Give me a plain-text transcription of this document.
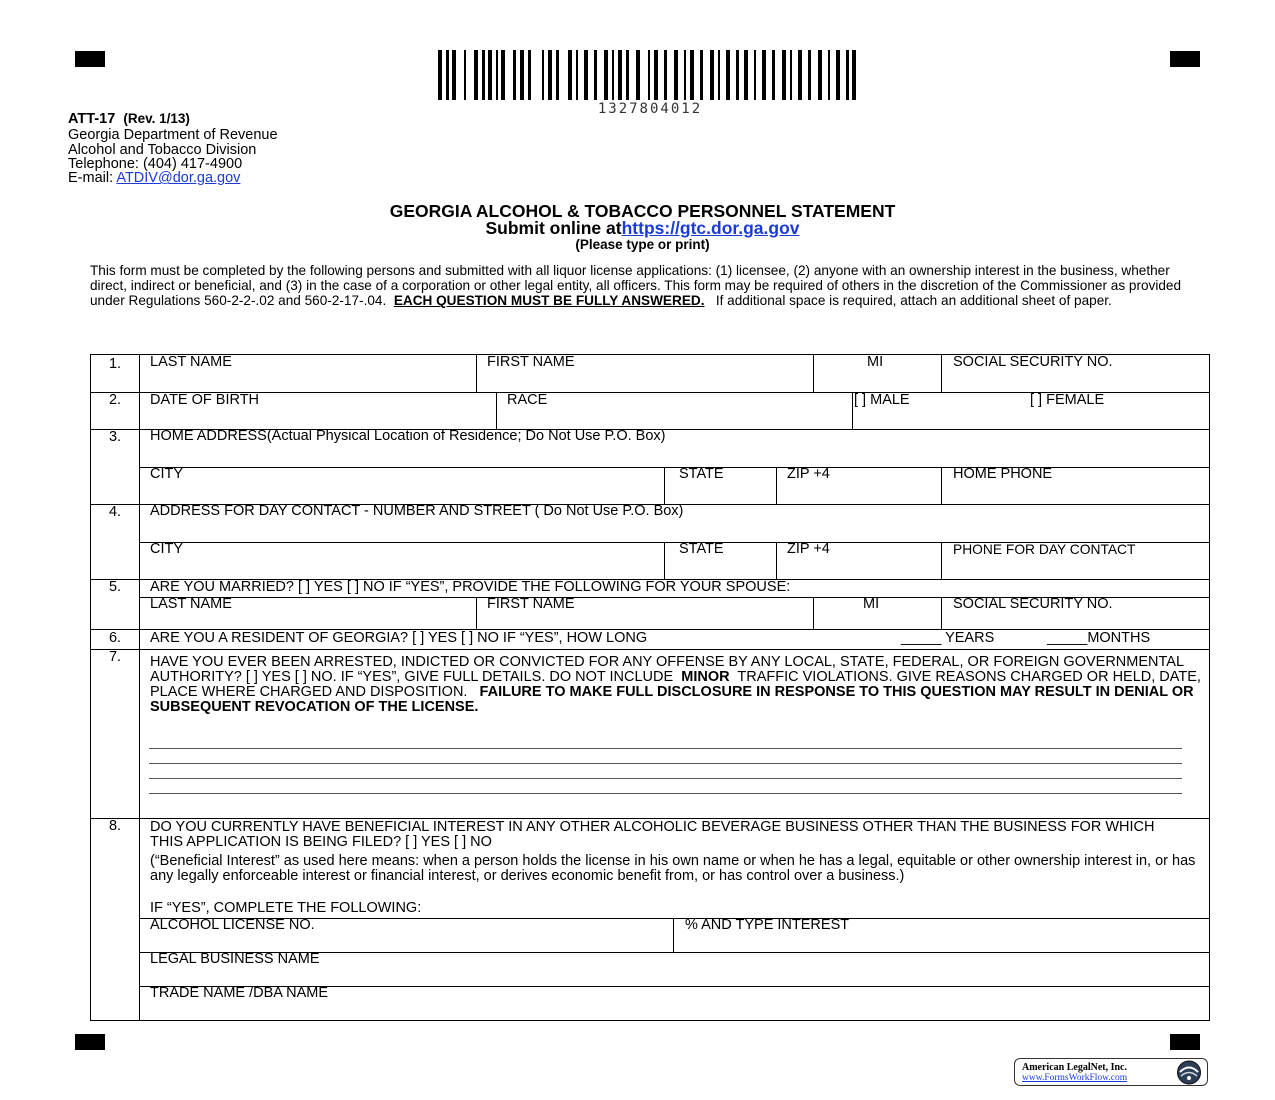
1327804012
ATT-17 (Rev. 1/13)
Georgia Department of Revenue
Alcohol and Tobacco Division
Telephone: (404) 417-4900
E-mail: ATDIV@dor.ga.gov
GEORGIA ALCOHOL & TOBACCO PERSONNEL STATEMENT
Submit online athttps://gtc.dor.ga.gov
(Please type or print)
This form must be completed by the following persons and submitted with all liquor license applications: (1) licensee, (2) anyone with an ownership interest in the business, whether direct, indirect or beneficial, and (3) in the case of a corporation or other legal entity, all officers. This form may be required of others in the discretion of the Commissioner as provided under Regulations 560-2-2-.02 and 560-2-17-.04. EACH QUESTION MUST BE FULLY ANSWERED. If additional space is required, attach an additional sheet of paper.
1.	LAST NAME	FIRST NAME	MI	SOCIAL SECURITY NO.
2.	DATE OF BIRTH	RACE	[ ] MALE	[ ] FEMALE
3.	HOME ADDRESS(Actual Physical Location of Residence; Do Not Use P.O. Box)
CITY	STATE	ZIP +4	HOME PHONE
4.	ADDRESS FOR DAY CONTACT - NUMBER AND STREET ( Do Not Use P.O. Box)
CITY	STATE	ZIP +4	PHONE FOR DAY CONTACT
5.	ARE YOU MARRIED? [ ] YES [ ] NO IF “YES”, PROVIDE THE FOLLOWING FOR YOUR SPOUSE:
LAST NAME	FIRST NAME	MI	SOCIAL SECURITY NO.
6.	ARE YOU A RESIDENT OF GEORGIA? [ ] YES [ ] NO IF “YES”, HOW LONG	_____ YEARS	_____MONTHS
7.	HAVE YOU EVER BEEN ARRESTED, INDICTED OR CONVICTED FOR ANY OFFENSE BY ANY LOCAL, STATE, FEDERAL, OR FOREIGN GOVERNMENTAL AUTHORITY? [ ] YES [ ] NO. IF “YES”, GIVE FULL DETAILS. DO NOT INCLUDE MINOR TRAFFIC VIOLATIONS. GIVE REASONS CHARGED OR HELD, DATE, PLACE WHERE CHARGED AND DISPOSITION. FAILURE TO MAKE FULL DISCLOSURE IN RESPONSE TO THIS QUESTION MAY RESULT IN DENIAL OR SUBSEQUENT REVOCATION OF THE LICENSE.
8.	DO YOU CURRENTLY HAVE BENEFICIAL INTEREST IN ANY OTHER ALCOHOLIC BEVERAGE BUSINESS OTHER THAN THE BUSINESS FOR WHICH THIS APPLICATION IS BEING FILED? [ ] YES [ ] NO
(“Beneficial Interest” as used here means: when a person holds the license in his own name or when he has a legal, equitable or other ownership interest in, or has any legally enforceable interest or financial interest, or derives economic benefit from, or has control over a business.)
IF “YES”, COMPLETE THE FOLLOWING:
ALCOHOL LICENSE NO.	% AND TYPE INTEREST
LEGAL BUSINESS NAME
TRADE NAME /DBA NAME
American LegalNet, Inc.
www.FormsWorkFlow.com
